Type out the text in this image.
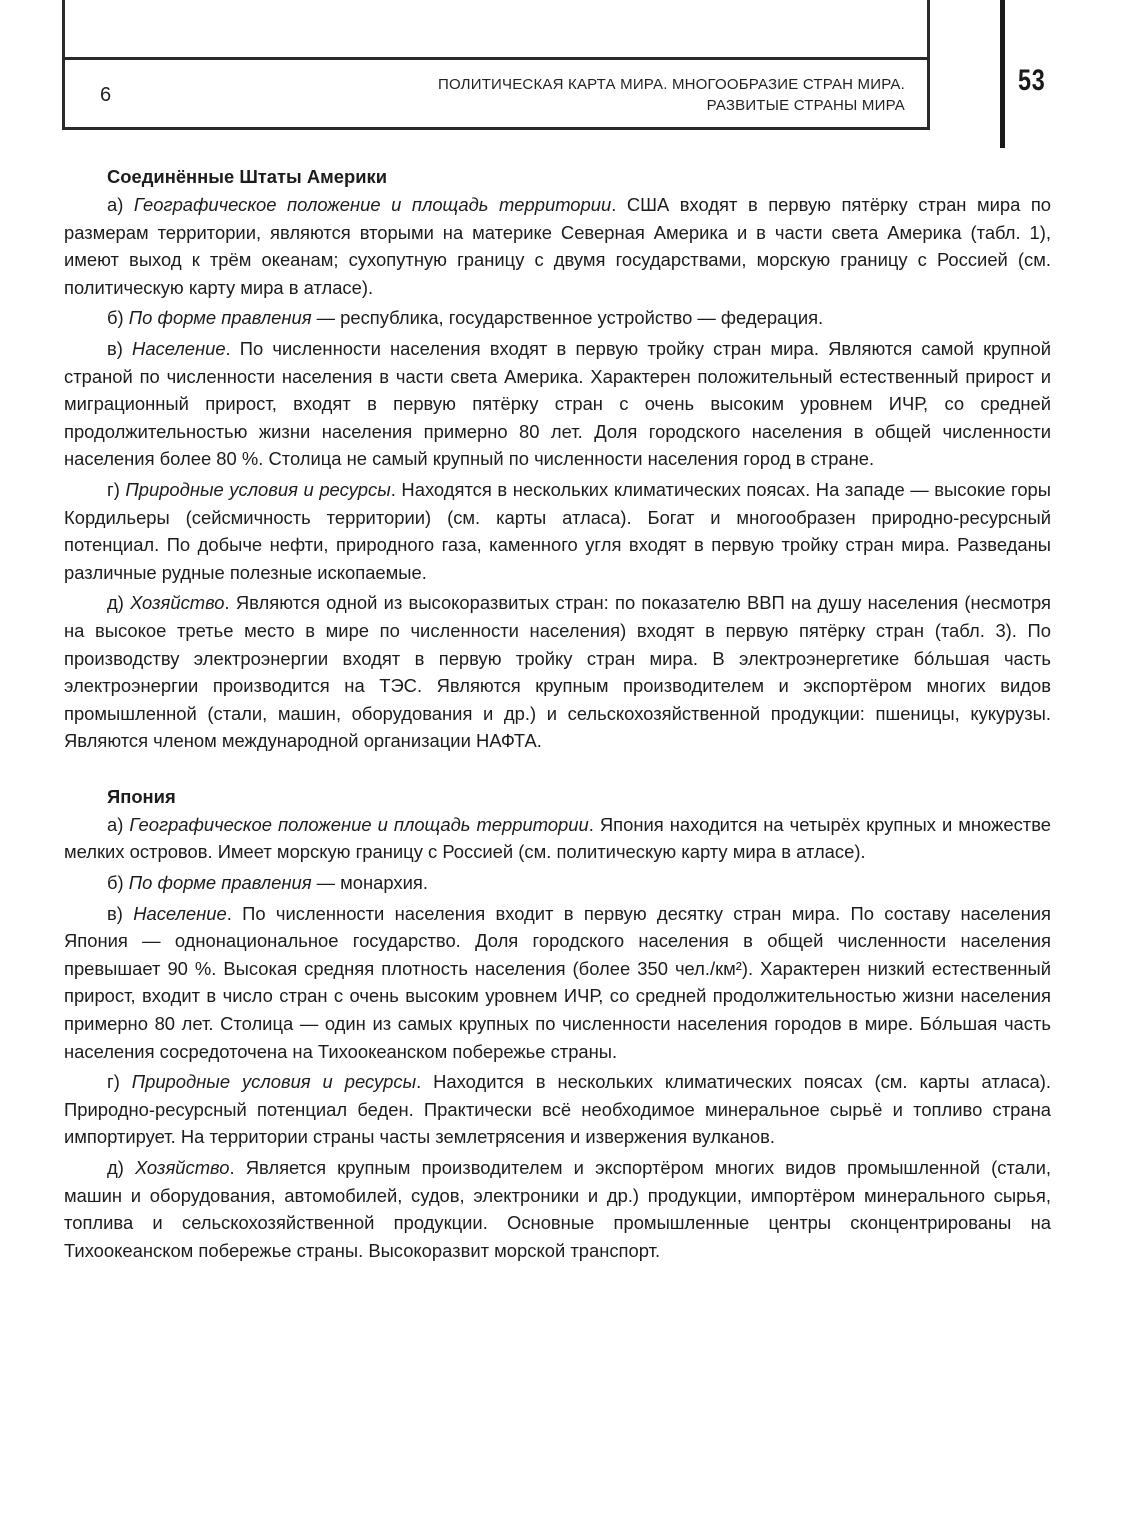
6	ПОЛИТИЧЕСКАЯ КАРТА МИРА. МНОГООБРАЗИЕ СТРАН МИРА.
РАЗВИТЫЕ СТРАНЫ МИРА
53
Соединённые Штаты Америки

а) Географическое положение и площадь территории. США входят в первую пятёрку стран мира по размерам территории, являются вторыми на материке Северная Америка и в части света Америка (табл. 1), имеют выход к трём океанам; сухопутную границу с двумя государствами, морскую границу с Россией (см. политическую карту мира в атласе).

б) По форме правления — республика, государственное устройство — федерация.

в) Население. По численности населения входят в первую тройку стран мира. Являются самой крупной страной по численности населения в части света Америка. Характерен положительный естественный прирост и миграционный прирост, входят в первую пятёрку стран с очень высоким уровнем ИЧР, со средней продолжительностью жизни населения примерно 80 лет. Доля городского населения в общей численности населения более 80 %. Столица не самый крупный по численности населения город в стране.

г) Природные условия и ресурсы. Находятся в нескольких климатических поясах. На западе — высокие горы Кордильеры (сейсмичность территории) (см. карты атласа). Богат и многообразен природно-ресурсный потенциал. По добыче нефти, природного газа, каменного угля входят в первую тройку стран мира. Разведаны различные рудные полезные ископаемые.

д) Хозяйство. Являются одной из высокоразвитых стран: по показателю ВВП на душу населения (несмотря на высокое третье место в мире по численности населения) входят в первую пятёрку стран (табл. 3). По производству электроэнергии входят в первую тройку стран мира. В электроэнергетике бóльшая часть электроэнергии производится на ТЭС. Являются крупным производителем и экспортёром многих видов промышленной (стали, машин, оборудования и др.) и сельскохозяйственной продукции: пшеницы, кукурузы. Являются членом международной организации НАФТА.

Япония

а) Географическое положение и площадь территории. Япония находится на четырёх крупных и множестве мелких островов. Имеет морскую границу с Россией (см. политическую карту мира в атласе).

б) По форме правления — монархия.

в) Население. По численности населения входит в первую десятку стран мира. По составу населения Япония — однонациональное государство. Доля городского населения в общей численности населения превышает 90 %. Высокая средняя плотность населения (более 350 чел./км²). Характерен низкий естественный прирост, входит в число стран с очень высоким уровнем ИЧР, со средней продолжительностью жизни населения примерно 80 лет. Столица — один из самых крупных по численности населения городов в мире. Бóльшая часть населения сосредоточена на Тихоокеанском побережье страны.

г) Природные условия и ресурсы. Находится в нескольких климатических поясах (см. карты атласа). Природно-ресурсный потенциал беден. Практически всё необходимое минеральное сырьё и топливо страна импортирует. На территории страны часты землетрясения и извержения вулканов.

д) Хозяйство. Является крупным производителем и экспортёром многих видов промышленной (стали, машин и оборудования, автомобилей, судов, электроники и др.) продукции, импортёром минерального сырья, топлива и сельскохозяйственной продукции. Основные промышленные центры сконцентрированы на Тихоокеанском побережье страны. Высокоразвит морской транспорт.
